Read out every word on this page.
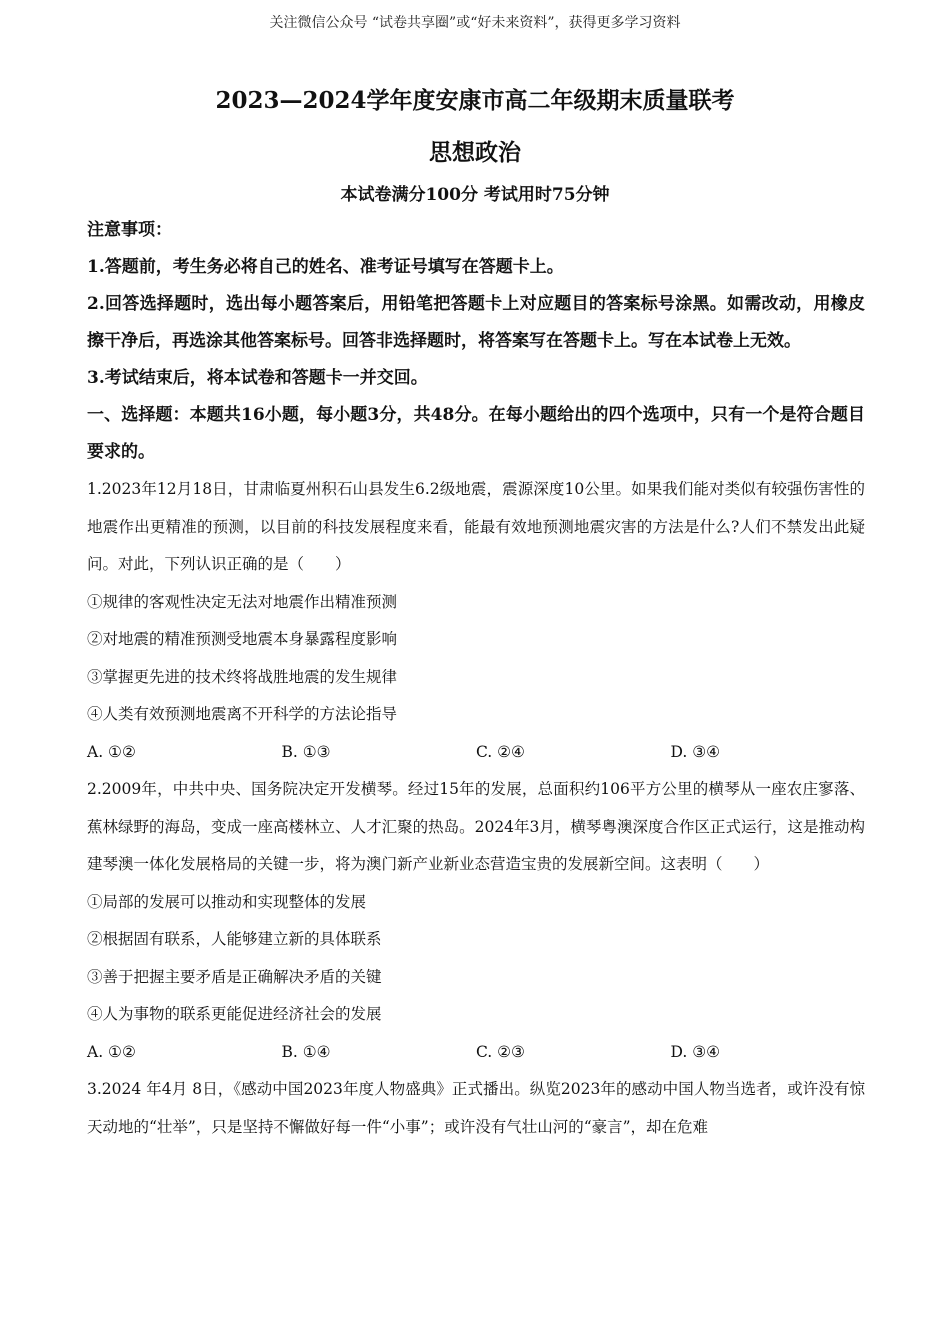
关注微信公众号 “试卷共享圈”或“好未来资料”，获得更多学习资料
2023—2024学年度安康市高二年级期末质量联考
思想政治
本试卷满分100分 考试用时75分钟

注意事项：

1.答题前，考生务必将自己的姓名、准考证号填写在答题卡上。

2.回答选择题时，选出每小题答案后，用铅笔把答题卡上对应题目的答案标号涂黑。如需改动，用橡皮擦干净后，再选涂其他答案标号。回答非选择题时，将答案写在答题卡上。写在本试卷上无效。

3.考试结束后，将本试卷和答题卡一并交回。

一、选择题：本题共16小题，每小题3分，共48分。在每小题给出的四个选项中，只有一个是符合题目要求的。

1.2023年12月18日，甘肃临夏州积石山县发生6.2级地震，震源深度10公里。如果我们能对类似有较强伤害性的地震作出更精准的预测，以目前的科技发展程度来看，能最有效地预测地震灾害的方法是什么?人们不禁发出此疑问。对此，下列认识正确的是（　　）

①规律的客观性决定无法对地震作出精准预测

②对地震的精准预测受地震本身暴露程度影响

③掌握更先进的技术终将战胜地震的发生规律

④人类有效预测地震离不开科学的方法论指导

A. ①②	B. ①③	C. ②④	D. ③④

2.2009年，中共中央、国务院决定开发横琴。经过15年的发展，总面积约106平方公里的横琴从一座农庄寥落、蕉林绿野的海岛，变成一座高楼林立、人才汇聚的热岛。2024年3月，横琴粤澳深度合作区正式运行，这是推动构建琴澳一体化发展格局的关键一步，将为澳门新产业新业态营造宝贵的发展新空间。这表明（　　）

①局部的发展可以推动和实现整体的发展

②根据固有联系，人能够建立新的具体联系

③善于把握主要矛盾是正确解决矛盾的关键

④人为事物的联系更能促进经济社会的发展

A. ①②	B. ①④	C. ②③	D. ③④

3.2024 年4月 8日，《感动中国2023年度人物盛典》正式播出。纵览2023年的感动中国人物当选者，或许没有惊天动地的“壮举”，只是坚持不懈做好每一件“小事”；或许没有气壮山河的“豪言”，却在危难
